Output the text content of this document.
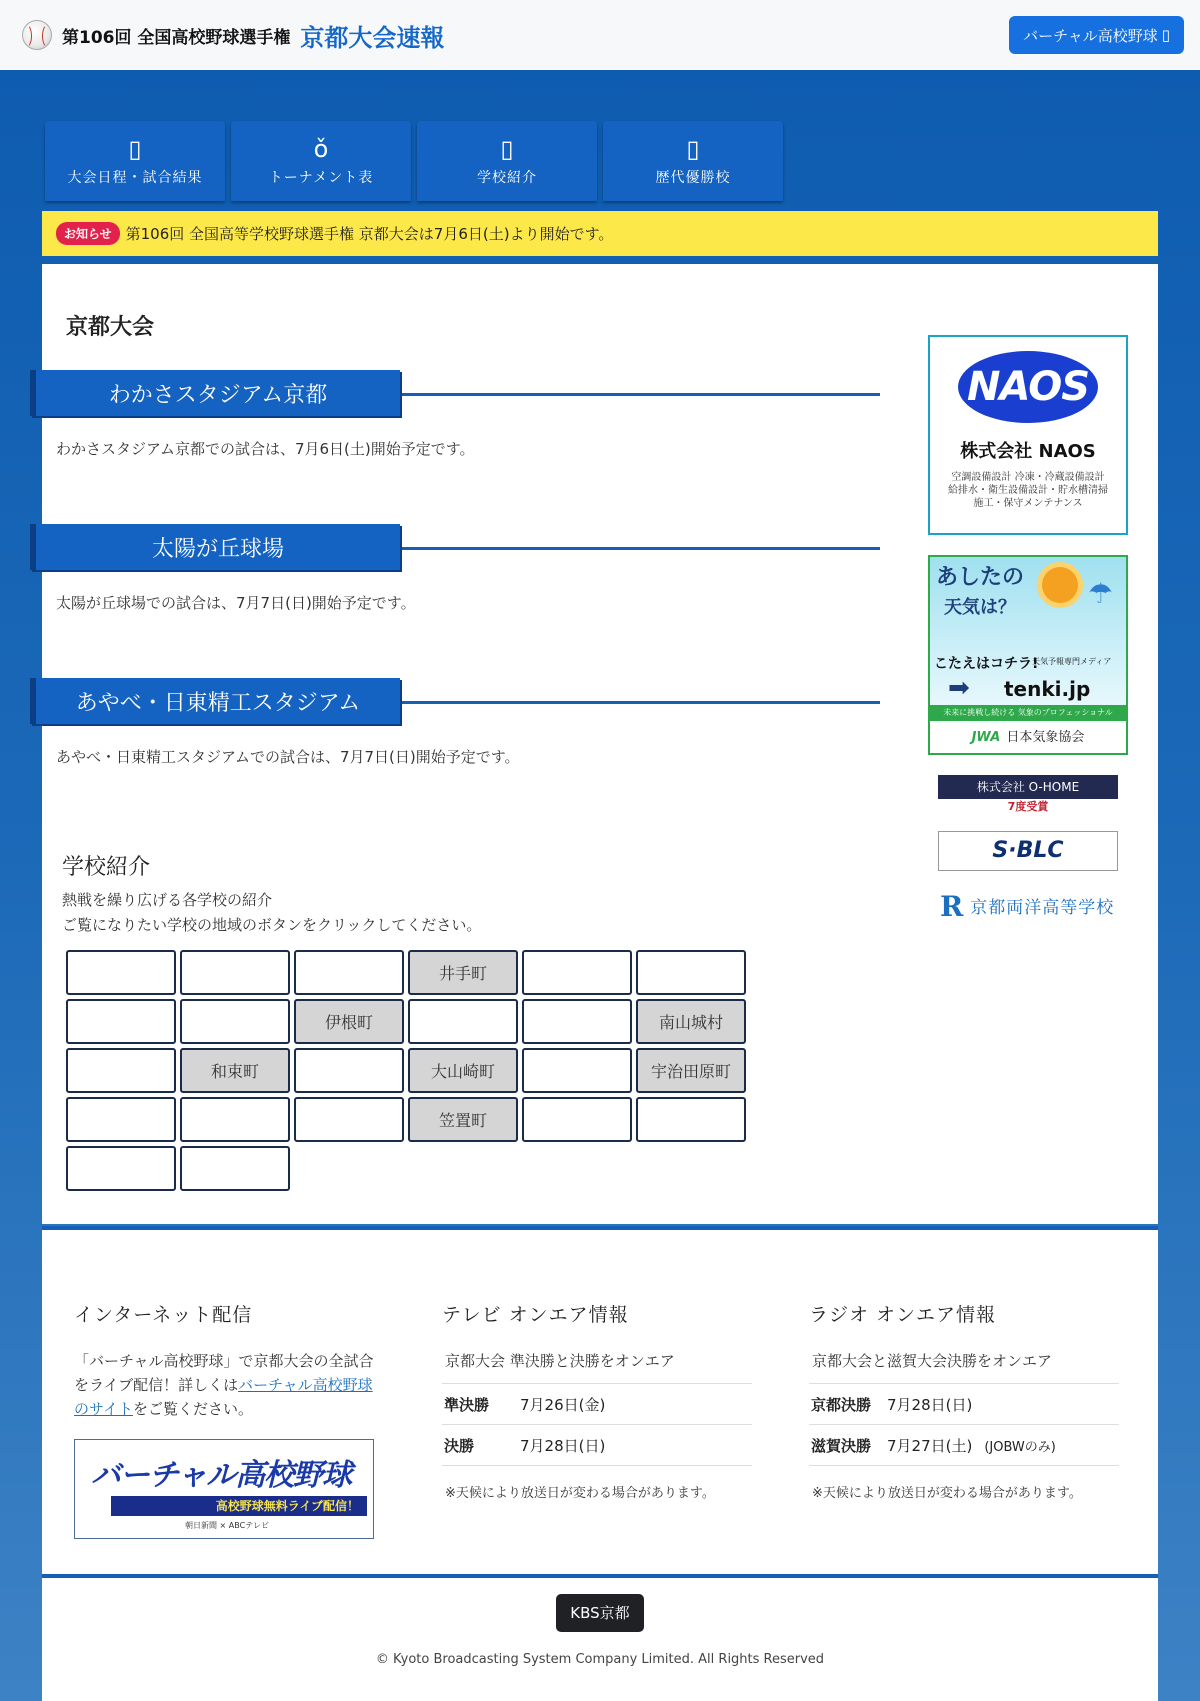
第106回 全国高校野球選手権 京都大会速報	バーチャル高校野球 ▯
▯
大会日程・試合結果
ǒ
トーナメント表
▯
学校紹介
▯
歴代優勝校
お知らせ 第106回 全国高等学校野球選手権 京都大会は7月6日(土)より開始です。
京都大会
わかさスタジアム京都
わかさスタジアム京都での試合は、7月6日(土)開始予定です。
太陽が丘球場
太陽が丘球場での試合は、7月7日(日)開始予定です。
あやべ・日東精工スタジアム
あやべ・日東精工スタジアムでの試合は、7月7日(日)開始予定です。
NAOS
株式会社 NAOS
空調設備設計 冷凍・冷蔵設備設計
給排水・衛生設備設計・貯水槽清掃
施工・保守メンテナンス
あしたの
天気は？	☂
こたえはコチラ!
天気予報専門メディア
➡ tenki.jp
未来に挑戦し続ける 気象のプロフェッショナル
JWA 日本気象協会
株式会社 O-HOME
7度受賞
S·BLC
R京都両洋高等学校
学校紹介
熱戦を繰り広げる各学校の紹介
ご覧になりたい学校の地域のボタンをクリックしてください。
井手町
伊根町	南山城村
和束町	大山崎町	宇治田原町
笠置町
インターネット配信
「バーチャル高校野球」で京都大会の全試合をライブ配信！詳しくはバーチャル高校野球のサイトをご覧ください。
バーチャル高校野球
高校野球無料ライブ配信！
朝日新聞 × ABCテレビ
テレビ オンエア情報
京都大会 準決勝と決勝をオンエア
準決勝	7月26日(金)
決勝	7月28日(日)
※天候により放送日が変わる場合があります。
ラジオ オンエア情報
京都大会と滋賀大会決勝をオンエア
京都決勝	7月28日(日)
滋賀決勝	7月27日(土) (JOBWのみ)
※天候により放送日が変わる場合があります。
KBS京都
© Kyoto Broadcasting System Company Limited. All Rights Reserved
